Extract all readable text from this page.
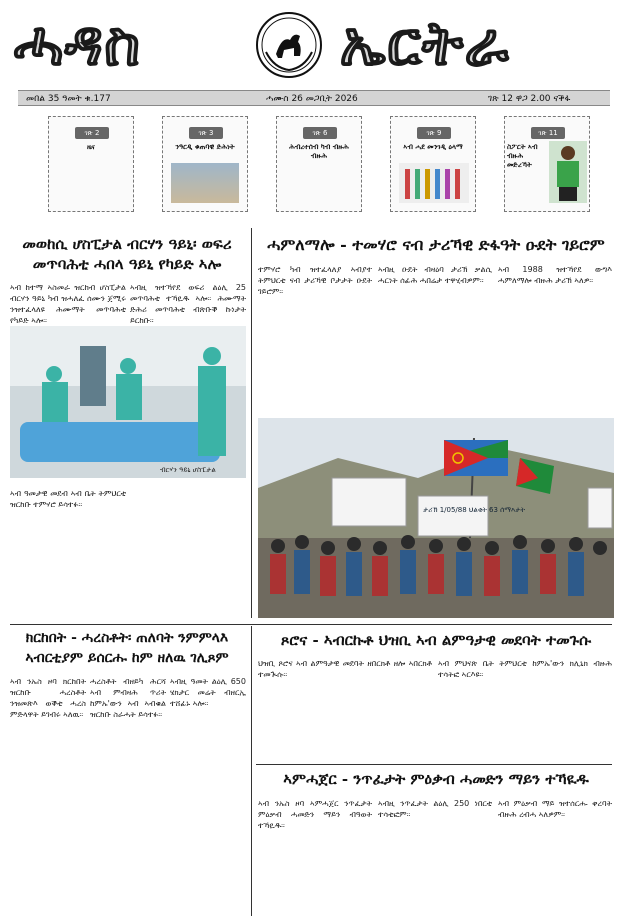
ሓዳስ	ኤርትራ
መበል 35 ዓመት ቁ.177	ሓሙስ 26 መጋቢት 2026	ገጽ 12 ዋጋ 2.00 ናቕፋ
ገጽ 2
ዜና
ገጽ 3
ንዓርዲ ቁጠባዊ ድሕነት
ገጽ 6
ሕብረተሰብ ካብ ብዙሕ ብዙሕ
ገጽ 9
ኣብ ሓደ መንገዲ ዕላማ
ገጽ 11
ስፖርት ኣብ ብዙሕ መድረኻት
መወከሲ ሆስፒታል ብርሃን ዓይኒ፡ ወፍሪ
መጥባሕቲ ሓበላ ዓይኒ የካይድ ኣሎ
ኣብ ከተማ ኣስመራ ዝርከብ ሆስፒታል ብርሃን ዓይኒ ካብ ዝሓለፈ ሰሙን ጀሚሩ ንዝተፈላለዩ ሕሙማት መጥባሕቲ የካይድ ኣሎ።
ኣብዚ ዝተኻየደ ወፍሪ ልዕሊ 25 መጥባሕቲ ተኻዪዱ ኣሎ። ሕሙማት ድሕሪ መጥባሕቲ ብጽቡቕ ኩነታት ይርከቡ።
ብርሃን ዓይኒ ሆስፒታል
ኣብ ዓመታዊ መደብ ኣብ ቤት ትምህርቲ ዝርከቡ ተምሃሮ ይሳተፉ።
ሓምለማሎ - ተመሃሮ ናብ ታሪኻዊ ድፋዓት ዑደት ገይሮም
ተምሃሮ ካብ ዝተፈላለያ ኣብያተ ትምህርቲ ናብ ታሪኻዊ ቦታታት ዑደት ገይሮም።
ኣብዚ ዑደት ብዛዕባ ታሪኽ ቃልሲ ሓርነት ሰፊሕ ሓበሬታ ተዋሂብዎም።
ኣብ 1988 ዝተኻየደ ውግእ ሓምለማሎ ብዙሕ ታሪኽ ኣለዎ።
ታሪኽ 1/05/88 ህልቂት 63 ሰማእታት
ክርከበት - ሓረስቶት፡ ጠለባት ንምምላእ
ኣብርቲያም ይሰርሑ ከም ዘለዉ ገሊጾም
ኣብ ንኡስ ዞባ ክርከበት ዝርከቡ ሓረስቶት ንዝመጽእ ወቕቲ ሓረስ ምድላዋት ይገብሩ ኣለዉ።
ሓረስቶት ብዘይካ ሕርሻ ኣብ ምብዛሕ ጥሪት ከምኡ'ውን ኣብ ኣብቁል ዝርከቡ ስራሓት ይሳተፉ።
ኣብዚ ዓመት ልዕሊ 650 ሄክታር መሬት ብዘርኢ ተሸፊኑ ኣሎ።
ጾሮና - ኣብርኩቶ ህዝቢ ኣብ ልምዓታዊ መደባት ተመጉሱ
ህዝቢ ጾሮና ኣብ ልምዓታዊ መደባት ዘበርክቶ ዘሎ ኣበርክቶ ተመጒሱ።
ኣብ ምህናጽ ቤት ትምህርቲ ከምኡ'ውን ክሊኒክ ብዙሕ ተሳትፎ ኣርእዩ።
ኣምሓጀር - ንጥፈታት ምዕቃብ ሓመድን ማይን ተኻዪዱ
ኣብ ንኡስ ዞባ ኣምሓጀር ንጥፈታት ምዕቃብ ሓመድን ማይን ብዓወት ተኻዪዱ።
ኣብዚ ንጥፈታት ልዕሊ 250 ነበርቲ ተሳቲፎም።
ኣብ ምዕቃብ ማይ ዝተሰርሑ ቀረባት ብዙሕ ረብሓ ኣለዎም።
